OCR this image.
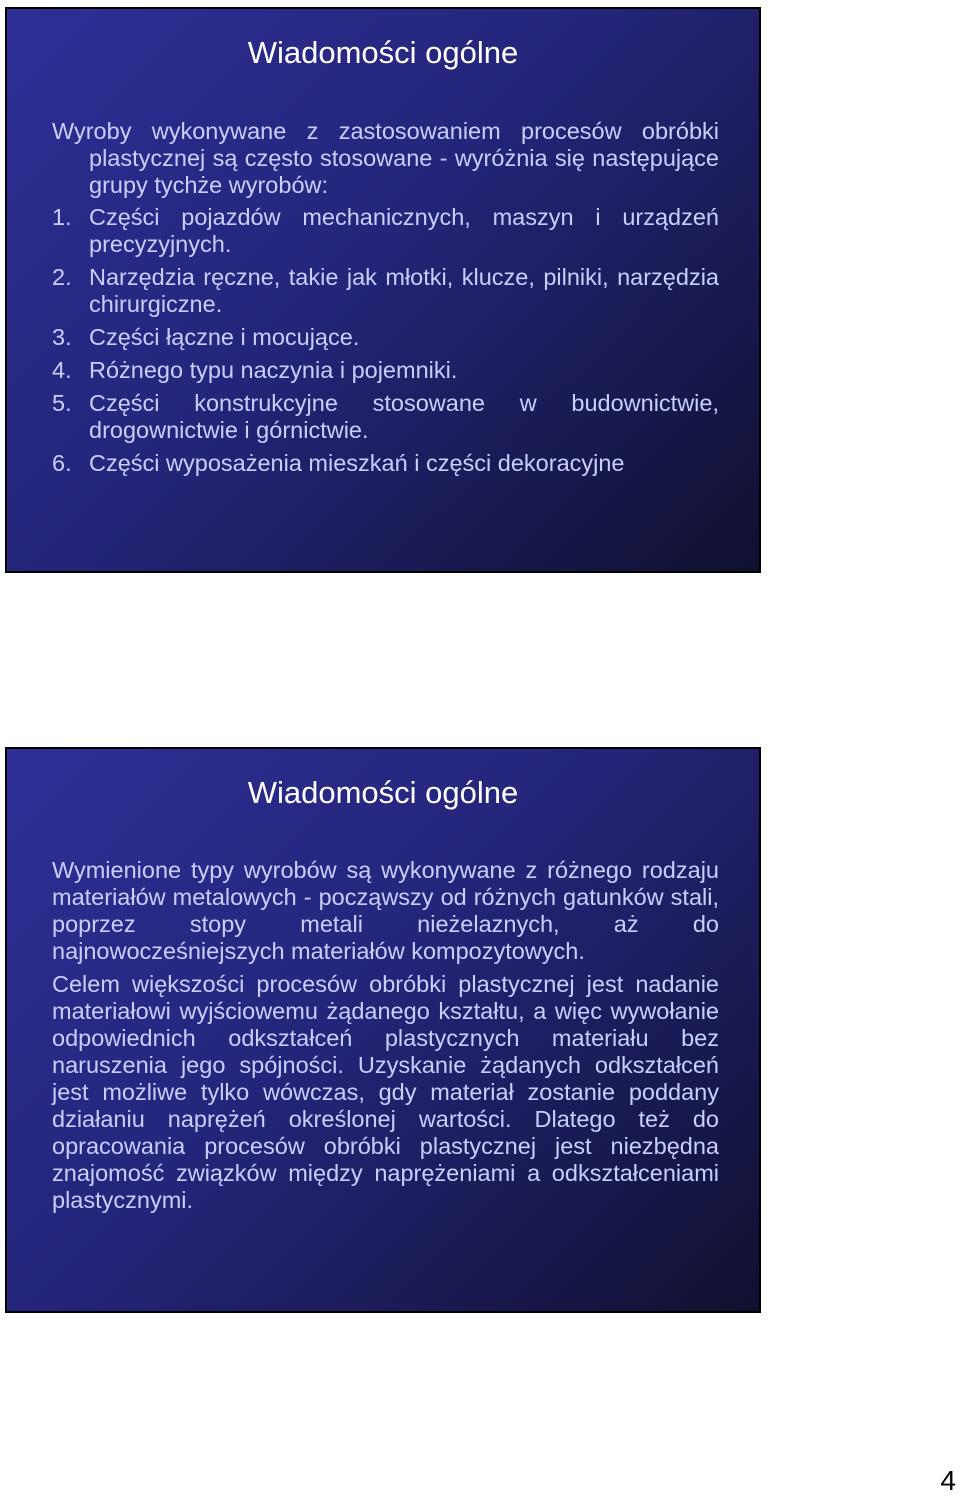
Wiadomości ogólne
Wyroby wykonywane z zastosowaniem procesów obróbki plastycznej są często stosowane - wyróżnia się następujące grupy tychże wyrobów:
1. Części pojazdów mechanicznych, maszyn i urządzeń precyzyjnych.
2. Narzędzia ręczne, takie jak młotki, klucze, pilniki, narzędzia chirurgiczne.
3. Części łączne i mocujące.
4. Różnego typu naczynia i pojemniki.
5. Części konstrukcyjne stosowane w budownictwie, drogownictwie i górnictwie.
6. Części wyposażenia mieszkań i części dekoracyjne
Wiadomości ogólne

Wymienione typy wyrobów są wykonywane z różnego rodzaju materiałów metalowych - począwszy od różnych gatunków stali, poprzez stopy metali nieżelaznych, aż do najnowocześniejszych materiałów kompozytowych.

Celem większości procesów obróbki plastycznej jest nadanie materiałowi wyjściowemu żądanego kształtu, a więc wywołanie odpowiednich odkształceń plastycznych materiału bez naruszenia jego spójności. Uzyskanie żądanych odkształceń jest możliwe tylko wówczas, gdy materiał zostanie poddany działaniu naprężeń określonej wartości. Dlatego też do opracowania procesów obróbki plastycznej jest niezbędna znajomość związków między naprężeniami a odkształceniami plastycznymi.

4
